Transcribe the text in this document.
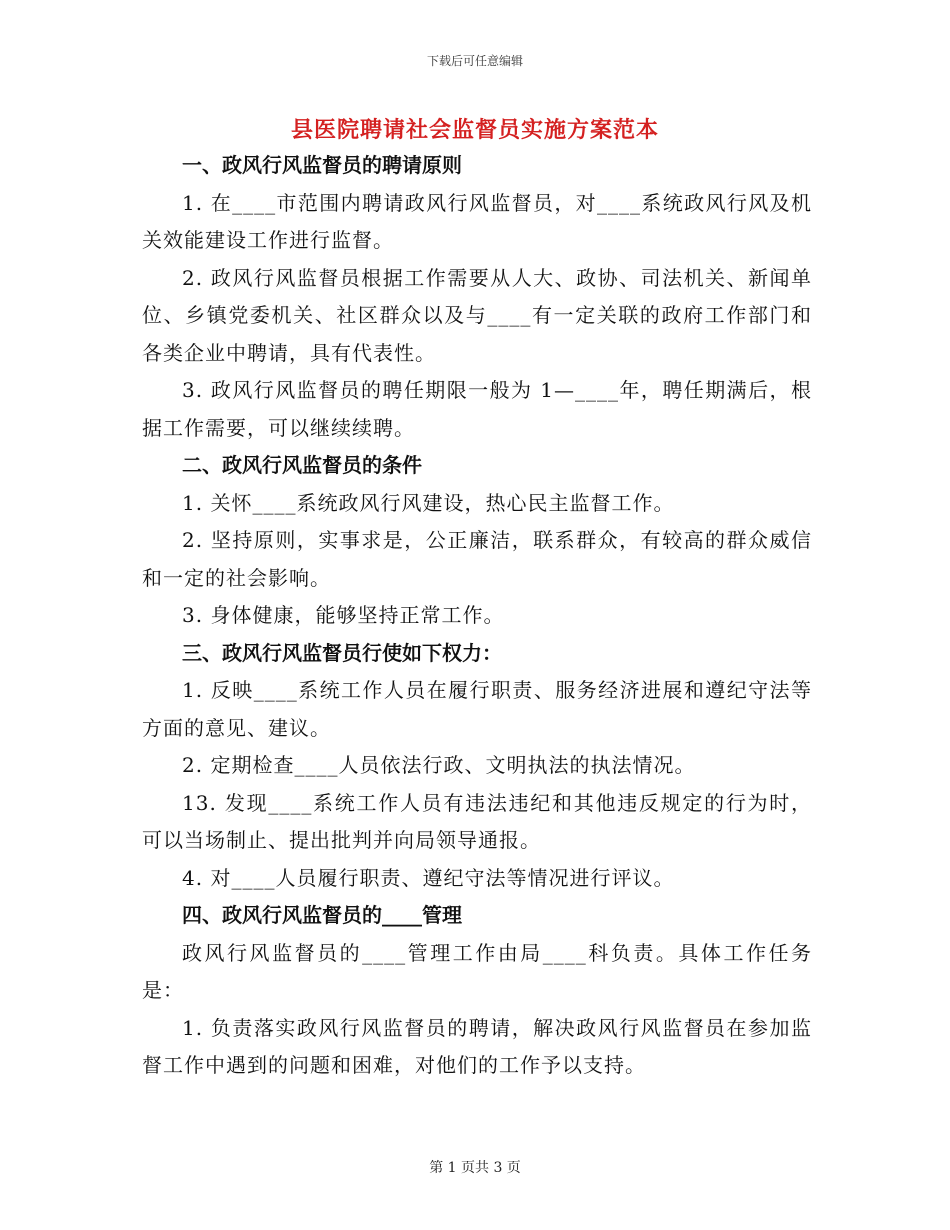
下载后可任意编辑
县医院聘请社会监督员实施方案范本
一、政风行风监督员的聘请原则
1. 在____市范围内聘请政风行风监督员，对____系统政风行风及机关效能建设工作进行监督。
2. 政风行风监督员根据工作需要从人大、政协、司法机关、新闻单位、乡镇党委机关、社区群众以及与____有一定关联的政府工作部门和各类企业中聘请，具有代表性。
3. 政风行风监督员的聘任期限一般为 1—____年，聘任期满后，根据工作需要，可以继续续聘。
二、政风行风监督员的条件
1. 关怀____系统政风行风建设，热心民主监督工作。
2. 坚持原则，实事求是，公正廉洁，联系群众，有较高的群众威信和一定的社会影响。
3. 身体健康，能够坚持正常工作。
三、政风行风监督员行使如下权力：
1. 反映____系统工作人员在履行职责、服务经济进展和遵纪守法等方面的意见、建议。
2. 定期检查____人员依法行政、文明执法的执法情况。
13. 发现____系统工作人员有违法违纪和其他违反规定的行为时，可以当场制止、提出批判并向局领导通报。
4. 对____人员履行职责、遵纪守法等情况进行评议。
四、政风行风监督员的____管理
政风行风监督员的____管理工作由局____科负责。具体工作任务是：
1. 负责落实政风行风监督员的聘请，解决政风行风监督员在参加监督工作中遇到的问题和困难，对他们的工作予以支持。
第 1 页共 3 页
